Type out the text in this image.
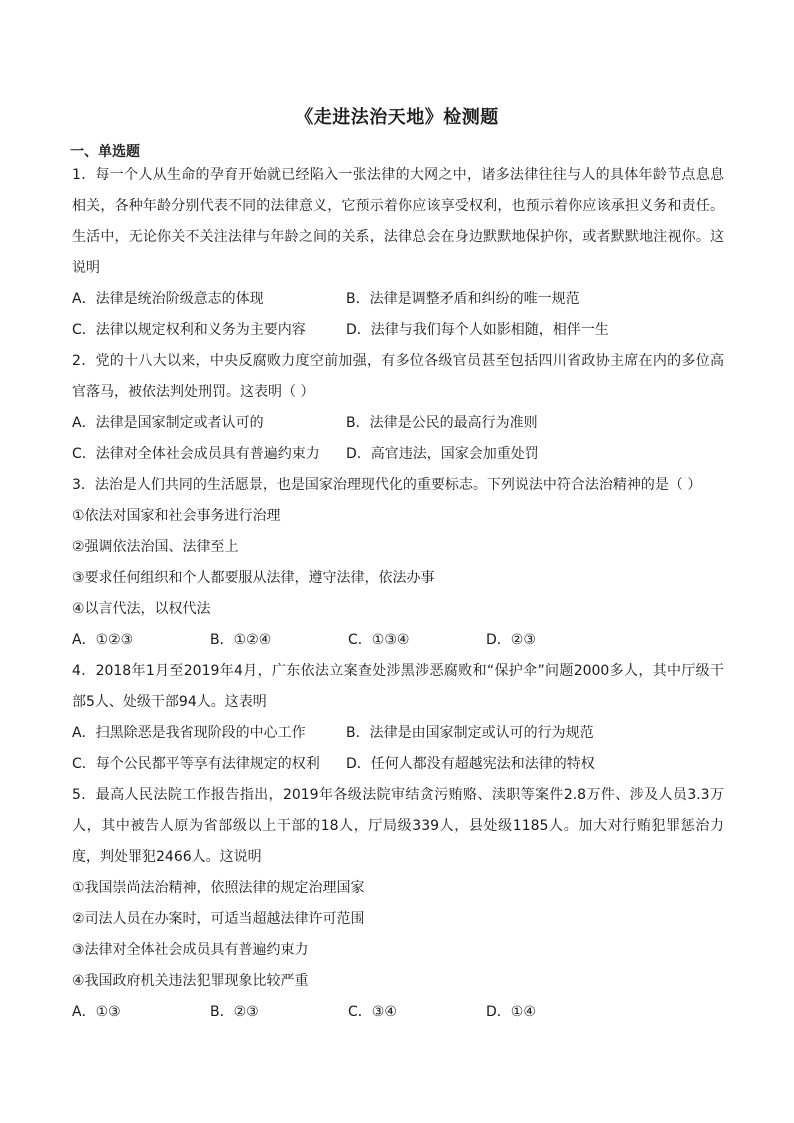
《走进法治天地》检测题
一、单选题
1．每一个人从生命的孕育开始就已经陷入一张法律的大网之中，诸多法律往往与人的具体年龄节点息息相关，各种年龄分别代表不同的法律意义，它预示着你应该享受权利，也预示着你应该承担义务和责任。生活中，无论你关不关注法律与年龄之间的关系，法律总会在身边默默地保护你，或者默默地注视你。这说明
A．法律是统治阶级意志的体现	B．法律是调整矛盾和纠纷的唯一规范
C．法律以规定权利和义务为主要内容	D．法律与我们每个人如影相随，相伴一生
2．党的十八大以来，中央反腐败力度空前加强，有多位各级官员甚至包括四川省政协主席在内的多位高官落马，被依法判处刑罚。这表明（ ）
A．法律是国家制定或者认可的	B．法律是公民的最高行为准则
C．法律对全体社会成员具有普遍约束力	D．高官违法，国家会加重处罚
3．法治是人们共同的生活愿景，也是国家治理现代化的重要标志。下列说法中符合法治精神的是（ ）
①依法对国家和社会事务进行治理
②强调依法治国、法律至上
③要求任何组织和个人都要服从法律，遵守法律，依法办事
④以言代法，以权代法
A．①②③	B．①②④	C．①③④	D．②③
4．2018年1月至2019年4月，广东依法立案查处涉黑涉恶腐败和“保护伞”问题2000多人，其中厅级干部5人、处级干部94人。这表明
A．扫黑除恶是我省现阶段的中心工作	B．法律是由国家制定或认可的行为规范
C．每个公民都平等享有法律规定的权利	D．任何人都没有超越宪法和法律的特权
5．最高人民法院工作报告指出，2019年各级法院审结贪污贿赂、渎职等案件2.8万件、涉及人员3.3万人，其中被告人原为省部级以上干部的18人，厅局级339人，县处级1185人。加大对行贿犯罪惩治力度，判处罪犯2466人。这说明
①我国崇尚法治精神，依照法律的规定治理国家
②司法人员在办案时，可适当超越法律许可范围
③法律对全体社会成员具有普遍约束力
④我国政府机关违法犯罪现象比较严重
A．①③	B．②③	C．③④	D．①④
